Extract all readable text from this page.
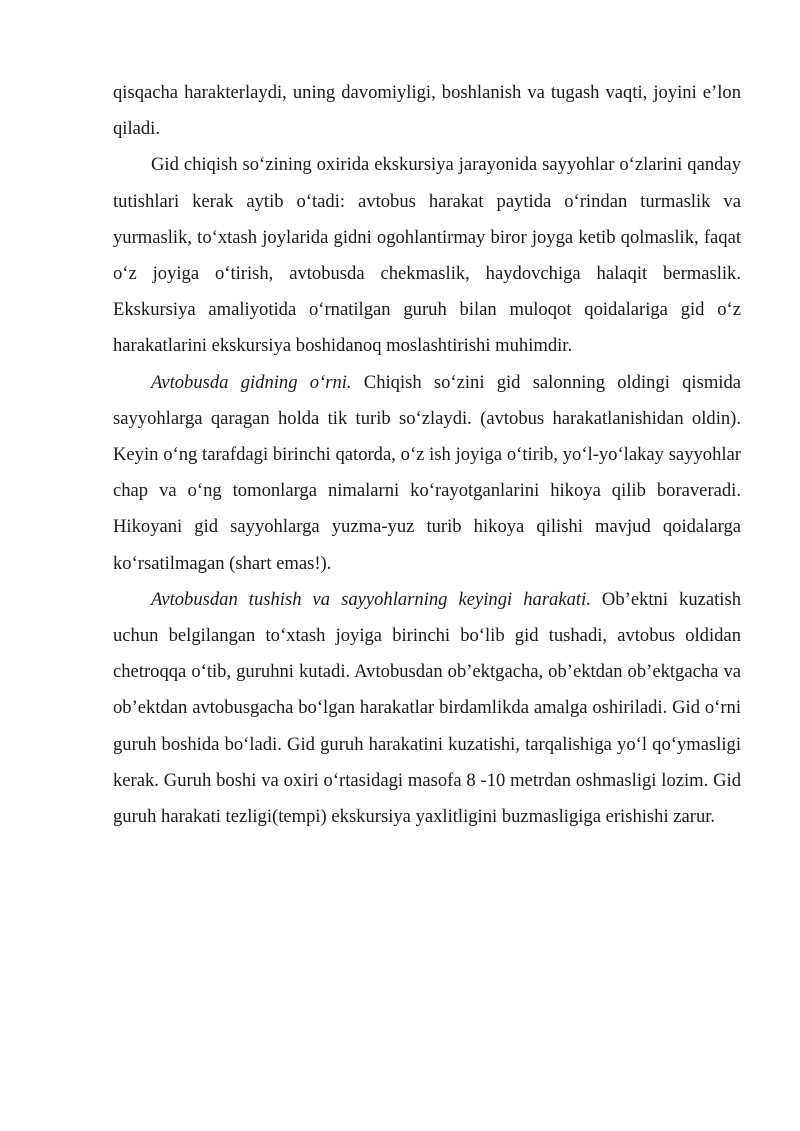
qisqacha harakterlaydi, uning davomiyligi, boshlanish va tugash vaqti, joyini e’lon qiladi.

Gid chiqish so‘zining oxirida ekskursiya jarayonida sayyohlar o‘zlarini qanday tutishlari kerak aytib o‘tadi: avtobus harakat paytida o‘rindan turmaslik va yurmaslik, to‘xtash joylarida gidni ogohlantirmay biror joyga ketib qolmaslik, faqat o‘z joyiga o‘tirish, avtobusda chekmaslik, haydovchiga halaqit bermaslik. Ekskursiya amaliyotida o‘rnatilgan guruh bilan muloqot qoidalariga gid o‘z harakatlarini ekskursiya boshidanoq moslashtirishi muhimdir.

Avtobusda gidning o‘rni. Chiqish so‘zini gid salonning oldingi qismida sayyohlarga qaragan holda tik turib so‘zlaydi. (avtobus harakatlanishidan oldin). Keyin o‘ng tarafdagi birinchi qatorda, o‘z ish joyiga o‘tirib, yo‘l-yo‘lakay sayyohlar chap va o‘ng tomonlarga nimalarni ko‘rayotganlarini hikoya qilib boraveradi. Hikoyani gid sayyohlarga yuzma-yuz turib hikoya qilishi mavjud qoidalarga ko‘rsatilmagan (shart emas!).

Avtobusdan tushish va sayyohlarning keyingi harakati. Ob’ektni kuzatish uchun belgilangan to‘xtash joyiga birinchi bo‘lib gid tushadi, avtobus oldidan chetroqqa o‘tib, guruhni kutadi. Avtobusdan ob’ektgacha, ob’ektdan ob’ektgacha va ob’ektdan avtobusgacha bo‘lgan harakatlar birdamlikda amalga oshiriladi. Gid o‘rni guruh boshida bo‘ladi. Gid guruh harakatini kuzatishi, tarqalishiga yo‘l qo‘ymasligi kerak. Guruh boshi va oxiri o‘rtasidagi masofa 8 -10 metrdan oshmasligi lozim. Gid guruh harakati tezligi(tempi) ekskursiya yaxlitligini buzmasligiga erishishi zarur.
